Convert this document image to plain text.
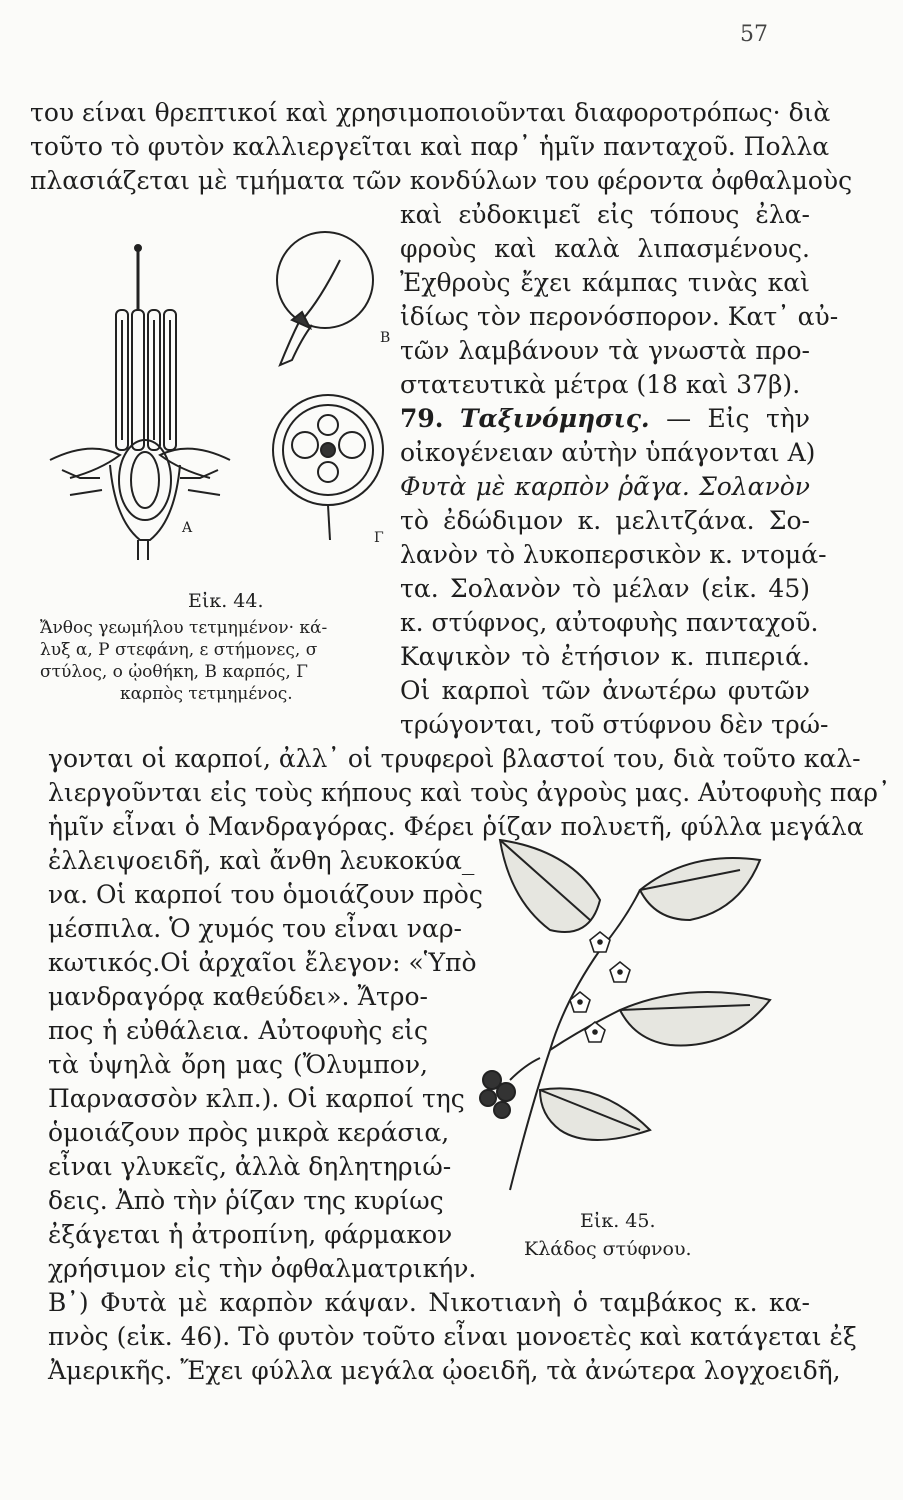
57
του είναι θρεπτικοί καὶ χρησιμοποιοῦνται διαφοροτρόπως· διὰ
τοῦτο τὸ φυτὸν καλλιεργεῖται καὶ παρ᾽ ἡμῖν πανταχοῦ. Πολλα
πλασιάζεται μὲ τμήματα τῶν κονδύλων του φέροντα ὀφθαλμοὺς
καὶ εὐδοκιμεῖ εἰς τόπους ἐλα-
φροὺς καὶ καλὰ λιπασμένους.
Ἐχθροὺς ἔχει κάμπας τινὰς καὶ
ἰδίως τὸν περονόσπορον. Κατ᾽ αὐ-
τῶν λαμβάνουν τὰ γνωστὰ προ-
στατευτικὰ μέτρα (18 καὶ 37β).
79. Ταξινόμησις. — Εἰς τὴν
οἰκογένειαν αὐτὴν ὑπάγονται Α)
Φυτὰ μὲ καρπὸν ῥᾶγα. Σολανὸν
τὸ ἐδώδιμον κ. μελιτζάνα. Σο-
λανὸν τὸ λυκοπερσικὸν κ. ντομά-
τα. Σολανὸν τὸ μέλαν (εἰκ. 45)
κ. στύφνος, αὐτοφυὴς πανταχοῦ.
Καψικὸν τὸ ἐτήσιον κ. πιπεριά.
Οἱ καρποὶ τῶν ἀνωτέρω φυτῶν
τρώγονται, τοῦ στύφνου δὲν τρώ-
Α
Β
Γ
Εἰκ. 44.
Ἄνθος γεωμήλου τετμημένον· κά-
λυξ α, Ρ στεφάνη, ε στήμονες, σ
στύλος, ο ᾠοθήκη, Β καρπός, Γ
καρπὸς τετμημένος.
γονται οἱ καρποί, ἀλλ᾽ οἱ τρυφεροὶ βλαστοί του, διὰ τοῦτο καλ-
λιεργοῦνται εἰς τοὺς κήπους καὶ τοὺς ἀγροὺς μας. Αὐτοφυὴς παρ᾽
ἡμῖν εἶναι ὁ Μανδραγόρας. Φέρει ῥίζαν πολυετῆ, φύλλα μεγάλα
ἐλλειψοειδῆ, καὶ ἄνθη λευκοκύα_
να. Οἱ καρποί του ὁμοιάζουν πρὸς
μέσπιλα. Ὁ χυμός του εἶναι ναρ-
κωτικός.Οἱ ἀρχαῖοι ἔλεγον: «Ὑπὸ
μανδραγόρᾳ καθεύδει». Ἄτρο-
πος ἡ εὐθάλεια. Αὐτοφυὴς εἰς
τὰ ὑψηλὰ ὄρη μας (Ὄλυμπον,
Παρνασσὸν κλπ.). Οἱ καρποί της
ὁμοιάζουν πρὸς μικρὰ κεράσια,
εἶναι γλυκεῖς, ἀλλὰ δηλητηριώ-
δεις. Ἀπὸ τὴν ῥίζαν της κυρίως
ἐξάγεται ἡ ἀτροπίνη, φάρμακον
χρήσιμον εἰς τὴν ὀφθαλματρικήν.
Εἰκ. 45.
Κλάδος στύφνου.
Β᾽) Φυτὰ μὲ καρπὸν κάψαν. Νικοτιανὴ ὁ ταμβάκος κ. κα-
πνὸς (εἰκ. 46). Τὸ φυτὸν τοῦτο εἶναι μονοετὲς καὶ κατάγεται ἐξ
Ἀμερικῆς. Ἔχει φύλλα μεγάλα ᾠοειδῆ, τὰ ἀνώτερα λογχοειδῆ,
